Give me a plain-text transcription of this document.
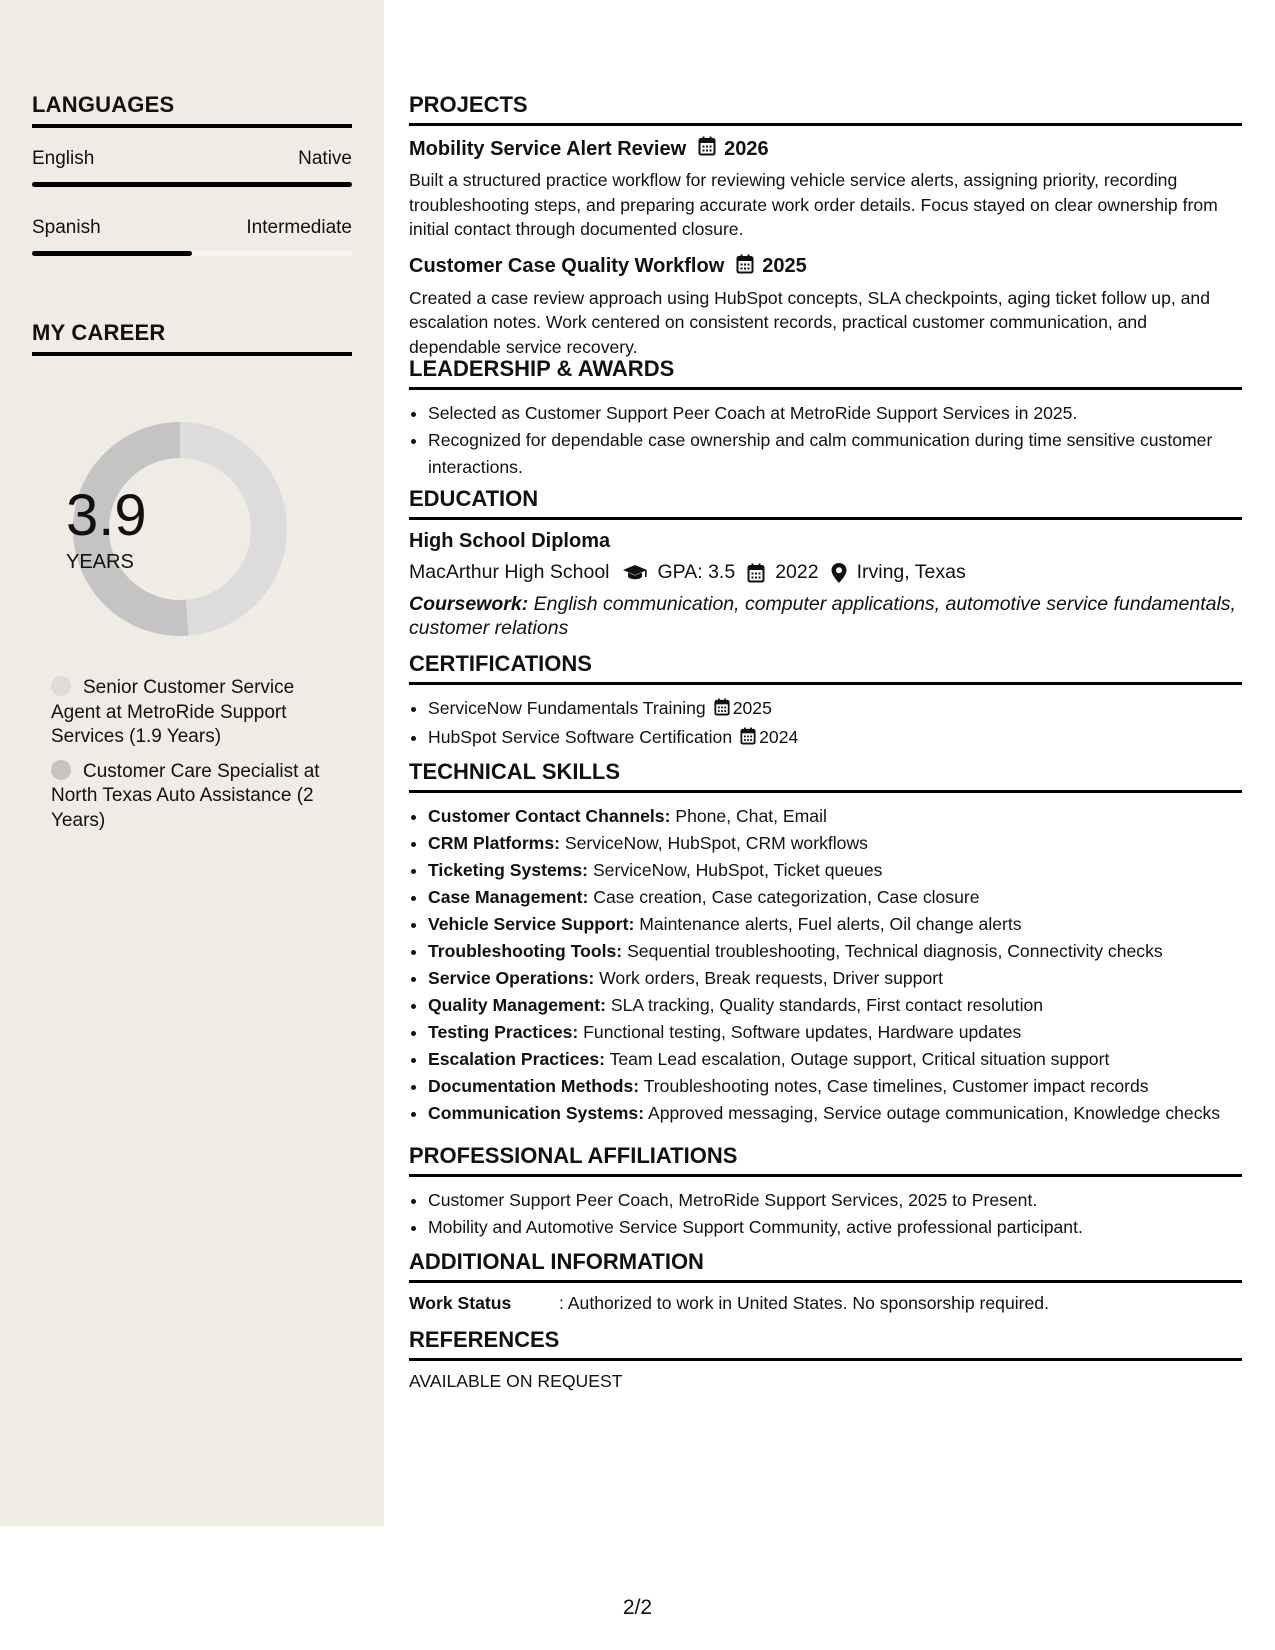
LANGUAGES
English	Native
Spanish	Intermediate
MY CAREER
3.9
YEARS
Senior Customer Service Agent at MetroRide Support Services (1.9 Years)
Customer Care Specialist at North Texas Auto Assistance (2 Years)
PROJECTS
Mobility Service Alert Review 2026
Built a structured practice workflow for reviewing vehicle service alerts, assigning priority, recording troubleshooting steps, and preparing accurate work order details. Focus stayed on clear ownership from initial contact through documented closure.
Customer Case Quality Workflow 2025
Created a case review approach using HubSpot concepts, SLA checkpoints, aging ticket follow up, and escalation notes. Work centered on consistent records, practical customer communication, and dependable service recovery.
LEADERSHIP & AWARDS
• Selected as Customer Support Peer Coach at MetroRide Support Services in 2025.
• Recognized for dependable case ownership and calm communication during time sensitive customer interactions.
EDUCATION
High School Diploma
MacArthur High School GPA: 3.5 2022 Irving, Texas
Coursework: English communication, computer applications, automotive service fundamentals, customer relations
CERTIFICATIONS
• ServiceNow Fundamentals Training 2025
• HubSpot Service Software Certification 2024
TECHNICAL SKILLS
• Customer Contact Channels: Phone, Chat, Email
• CRM Platforms: ServiceNow, HubSpot, CRM workflows
• Ticketing Systems: ServiceNow, HubSpot, Ticket queues
• Case Management: Case creation, Case categorization, Case closure
• Vehicle Service Support: Maintenance alerts, Fuel alerts, Oil change alerts
• Troubleshooting Tools: Sequential troubleshooting, Technical diagnosis, Connectivity checks
• Service Operations: Work orders, Break requests, Driver support
• Quality Management: SLA tracking, Quality standards, First contact resolution
• Testing Practices: Functional testing, Software updates, Hardware updates
• Escalation Practices: Team Lead escalation, Outage support, Critical situation support
• Documentation Methods: Troubleshooting notes, Case timelines, Customer impact records
• Communication Systems: Approved messaging, Service outage communication, Knowledge checks
PROFESSIONAL AFFILIATIONS
• Customer Support Peer Coach, MetroRide Support Services, 2025 to Present.
• Mobility and Automotive Service Support Community, active professional participant.
ADDITIONAL INFORMATION
Work Status	: Authorized to work in United States. No sponsorship required.
REFERENCES
AVAILABLE ON REQUEST
2/2
